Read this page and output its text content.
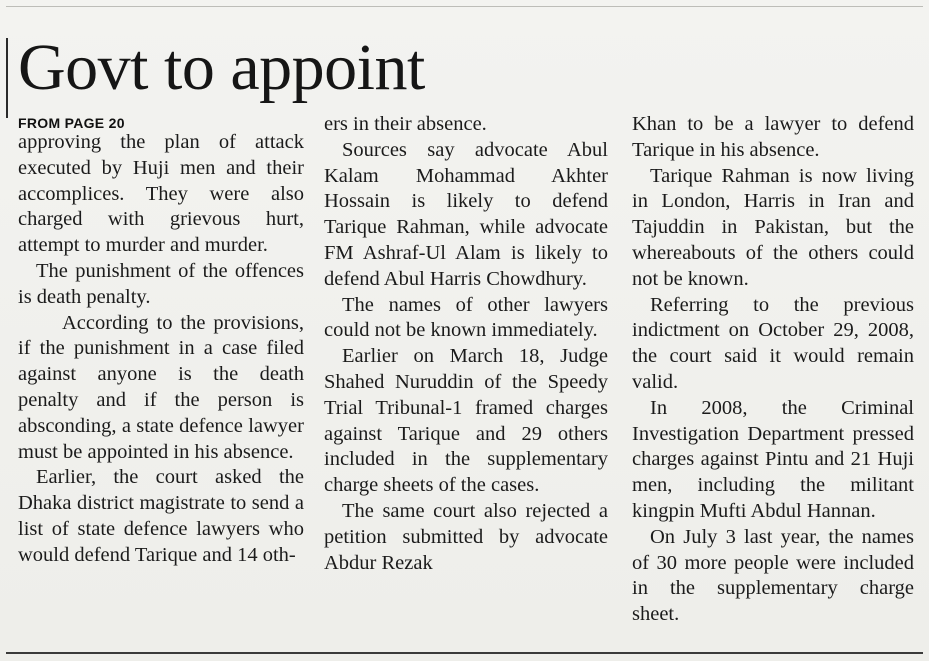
Govt to appoint
FROM PAGE 20

approving the plan of attack executed by Huji men and their accomplices. They were also charged with grievous hurt, attempt to murder and murder.

The punishment of the offences is death penalty.

According to the provisions, if the punishment in a case filed against anyone is the death penalty and if the person is absconding, a state defence lawyer must be appointed in his absence.

Earlier, the court asked the Dhaka district magistrate to send a list of state defence lawyers who would defend Tarique and 14 oth-

ers in their absence.

Sources say advocate Abul Kalam Mohammad Akhter Hossain is likely to defend Tarique Rahman, while advocate FM Ashraf-Ul Alam is likely to defend Abul Harris Chowdhury.

The names of other lawyers could not be known immediately.

Earlier on March 18, Judge Shahed Nuruddin of the Speedy Trial Tribunal-1 framed charges against Tarique and 29 others included in the supplementary charge sheets of the cases.

The same court also rejected a petition submitted by advocate Abdur Rezak

Khan to be a lawyer to defend Tarique in his absence.

Tarique Rahman is now living in London, Harris in Iran and Tajuddin in Pakistan, but the whereabouts of the others could not be known.

Referring to the previous indictment on October 29, 2008, the court said it would remain valid.

In 2008, the Criminal Investigation Department pressed charges against Pintu and 21 Huji men, including the militant kingpin Mufti Abdul Hannan.

On July 3 last year, the names of 30 more people were included in the supplementary charge sheet.
